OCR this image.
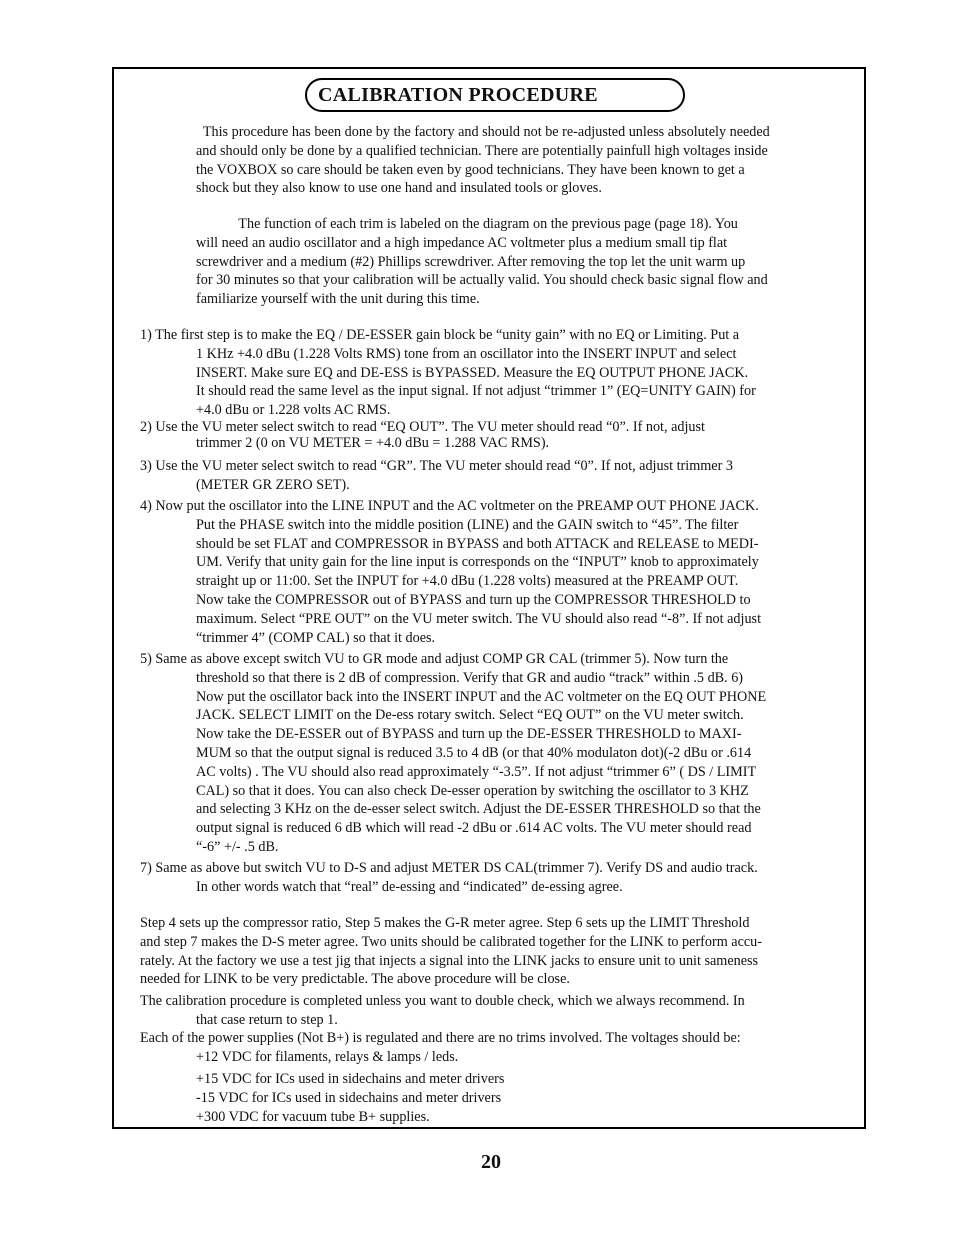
CALIBRATION PROCEDURE
This procedure has been done by the factory and should not be re-adjusted unless absolutely needed
and should only be done by a qualified technician. There are potentially painfull high voltages inside
the VOXBOX so care should be taken even by good technicians. They have been known to get a
shock but they also know to use one hand and insulated tools or gloves.
The function of each trim is labeled on the diagram on the previous page (page 18). You
will need an audio oscillator and a high impedance AC voltmeter plus a medium small tip flat
screwdriver and a medium (#2) Phillips screwdriver. After removing the top let the unit warm up
for 30 minutes so that your calibration will be actually valid. You should check basic signal flow and
familiarize yourself with the unit during this time.
1) The first step is to make the EQ / DE-ESSER gain block be “unity gain” with no EQ or Limiting. Put a
1 KHz +4.0 dBu (1.228 Volts RMS) tone from an oscillator into the INSERT INPUT and select
INSERT. Make sure EQ and DE-ESS is BYPASSED. Measure the EQ OUTPUT PHONE JACK.
It should read the same level as the input signal. If not adjust “trimmer 1” (EQ=UNITY GAIN) for
+4.0 dBu or 1.228 volts AC RMS.
2) Use the VU meter select switch to read “EQ OUT”. The VU meter should read “0”. If not, adjust
trimmer 2 (0 on VU METER = +4.0 dBu = 1.288 VAC RMS).
3) Use the VU meter select switch to read “GR”. The VU meter should read “0”. If not, adjust trimmer 3
(METER GR ZERO SET).
4) Now put the oscillator into the LINE INPUT and the AC voltmeter on the PREAMP OUT PHONE JACK.
Put the PHASE switch into the middle position (LINE) and the GAIN switch to “45”. The filter
should be set FLAT and COMPRESSOR in BYPASS and both ATTACK and RELEASE to MEDI-
UM. Verify that unity gain for the line input is corresponds on the “INPUT” knob to approximately
straight up or 11:00. Set the INPUT for +4.0 dBu (1.228 volts) measured at the PREAMP OUT.
Now take the COMPRESSOR out of BYPASS and turn up the COMPRESSOR THRESHOLD to
maximum. Select “PRE OUT” on the VU meter switch. The VU should also read “-8”. If not adjust
“trimmer 4” (COMP CAL) so that it does.
5) Same as above except switch VU to GR mode and adjust COMP GR CAL (trimmer 5). Now turn the
threshold so that there is 2 dB of compression. Verify that GR and audio “track” within .5 dB. 6)
Now put the oscillator back into the INSERT INPUT and the AC voltmeter on the EQ OUT PHONE
JACK. SELECT LIMIT on the De-ess rotary switch. Select “EQ OUT” on the VU meter switch.
Now take the DE-ESSER out of BYPASS and turn up the DE-ESSER THRESHOLD to MAXI-
MUM so that the output signal is reduced 3.5 to 4 dB (or that 40% modulaton dot)(-2 dBu or .614
AC volts) . The VU should also read approximately “-3.5”. If not adjust “trimmer 6” ( DS / LIMIT
CAL) so that it does. You can also check De-esser operation by switching the oscillator to 3 KHZ
and selecting 3 KHz on the de-esser select switch. Adjust the DE-ESSER THRESHOLD so that the
output signal is reduced 6 dB which will read -2 dBu or .614 AC volts. The VU meter should read
“-6” +/- .5 dB.
7) Same as above but switch VU to D-S and adjust METER DS CAL(trimmer 7). Verify DS and audio track.
In other words watch that “real” de-essing and “indicated” de-essing agree.
Step 4 sets up the compressor ratio, Step 5 makes the G-R meter agree. Step 6 sets up the LIMIT Threshold
and step 7 makes the D-S meter agree. Two units should be calibrated together for the LINK to perform accu-
rately. At the factory we use a test jig that injects a signal into the LINK jacks to ensure unit to unit sameness
needed for LINK to be very predictable. The above procedure will be close.
The calibration procedure is completed unless you want to double check, which we always recommend. In
that case return to step 1.
Each of the power supplies (Not B+) is regulated and there are no trims involved. The voltages should be:
+12 VDC for filaments, relays & lamps / leds.
+15 VDC for ICs used in sidechains and meter drivers
-15 VDC for ICs used in sidechains and meter drivers
+300 VDC for vacuum tube B+ supplies.

20
